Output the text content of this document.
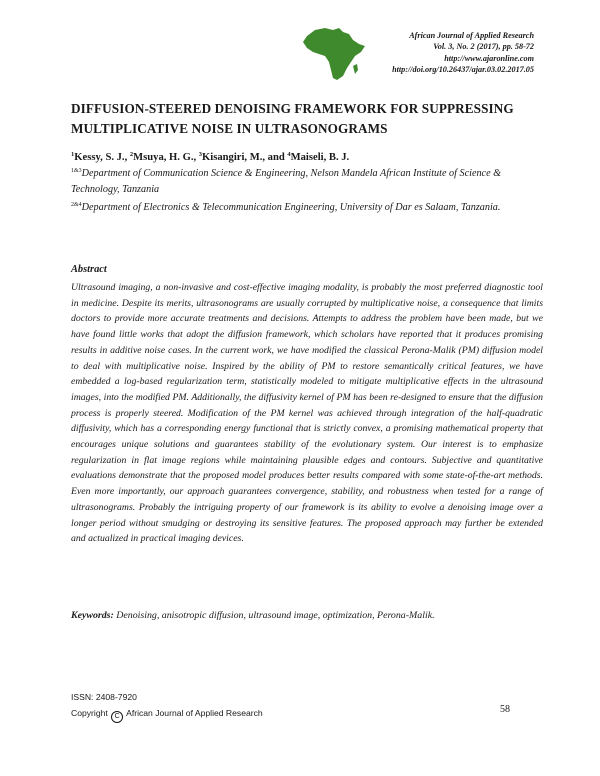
African Journal of Applied Research
Vol. 3, No. 2 (2017), pp. 58-72
http://www.ajaronline.com
http://doi.org/10.26437/ajar.03.02.2017.05
DIFFUSION-STEERED DENOISING FRAMEWORK FOR SUPPRESSING
MULTIPLICATIVE NOISE IN ULTRASONOGRAMS
$^1$Kessy, S. J., $^2$Msuya, H. G., $^3$Kisangiri, M., and $^4$Maiseli, B. J.
$^{1\&3}$Department of Communication Science & Engineering, Nelson Mandela African Institute of Science & Technology, Tanzania
$^{2\&4}$Department of Electronics & Telecommunication Engineering, University of Dar es Salaam, Tanzania.
Abstract

Ultrasound imaging, a non-invasive and cost-effective imaging modality, is probably the most preferred diagnostic tool in medicine. Despite its merits, ultrasonograms are usually corrupted by multiplicative noise, a consequence that limits doctors to provide more accurate treatments and decisions. Attempts to address the problem have been made, but we have found little works that adopt the diffusion framework, which scholars have reported that it produces promising results in additive noise cases. In the current work, we have modified the classical Perona-Malik (PM) diffusion model to deal with multiplicative noise. Inspired by the ability of PM to restore semantically critical features, we have embedded a log-based regularization term, statistically modeled to mitigate multiplicative effects in the ultrasound images, into the modified PM. Additionally, the diffusivity kernel of PM has been re-designed to ensure that the diffusion process is properly steered. Modification of the PM kernel was achieved through integration of the half-quadratic diffusivity, which has a corresponding energy functional that is strictly convex, a promising mathematical property that encourages unique solutions and guarantees stability of the evolutionary system. Our interest is to emphasize regularization in flat image regions while maintaining plausible edges and contours. Subjective and quantitative evaluations demonstrate that the proposed model produces better results compared with some state-of-the-art methods. Even more importantly, our approach guarantees convergence, stability, and robustness when tested for a range of ultrasonograms. Probably the intriguing property of our framework is its ability to evolve a denoising image over a longer period without smudging or destroying its sensitive features. The proposed approach may further be extended and actualized in practical imaging devices.

Keywords: Denoising, anisotropic diffusion, ultrasound image, optimization, Perona-Malik.
ISSN: 2408-7920
Copyright C African Journal of Applied Research	58
